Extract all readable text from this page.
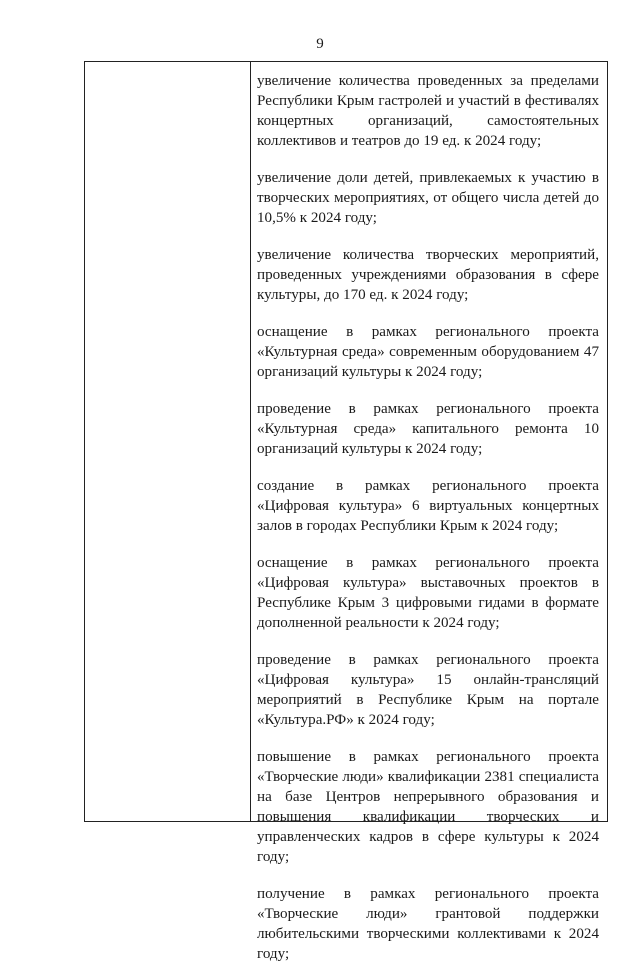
9

увеличение количества проведенных за пределами Республики Крым гастролей и участий в фестивалях концертных организаций, самостоятельных коллективов и театров до 19 ед. к 2024 году;

увеличение доли детей, привлекаемых к участию в творческих мероприятиях, от общего числа детей до 10,5% к 2024 году;

увеличение количества творческих мероприятий, проведенных учреждениями образования в сфере культуры, до 170 ед. к 2024 году;

оснащение в рамках регионального проекта «Культурная среда» современным оборудованием 47 организаций культуры к 2024 году;

проведение в рамках регионального проекта «Культурная среда» капитального ремонта 10 организаций культуры к 2024 году;

создание в рамках регионального проекта «Цифровая культура» 6 виртуальных концертных залов в городах Республики Крым к 2024 году;

оснащение в рамках регионального проекта «Цифровая культура» выставочных проектов в Республике Крым 3 цифровыми гидами в формате дополненной реальности к 2024 году;

проведение в рамках регионального проекта «Цифровая культура» 15 онлайн-трансляций мероприятий в Республике Крым на портале «Культура.РФ» к 2024 году;

повышение в рамках регионального проекта «Творческие люди» квалификации 2381 специалиста на базе Центров непрерывного образования и повышения квалификации творческих и управленческих кадров в сфере культуры к 2024 году;

получение в рамках регионального проекта «Творческие люди» грантовой поддержки любительскими творческими коллективами к 2024 году;
